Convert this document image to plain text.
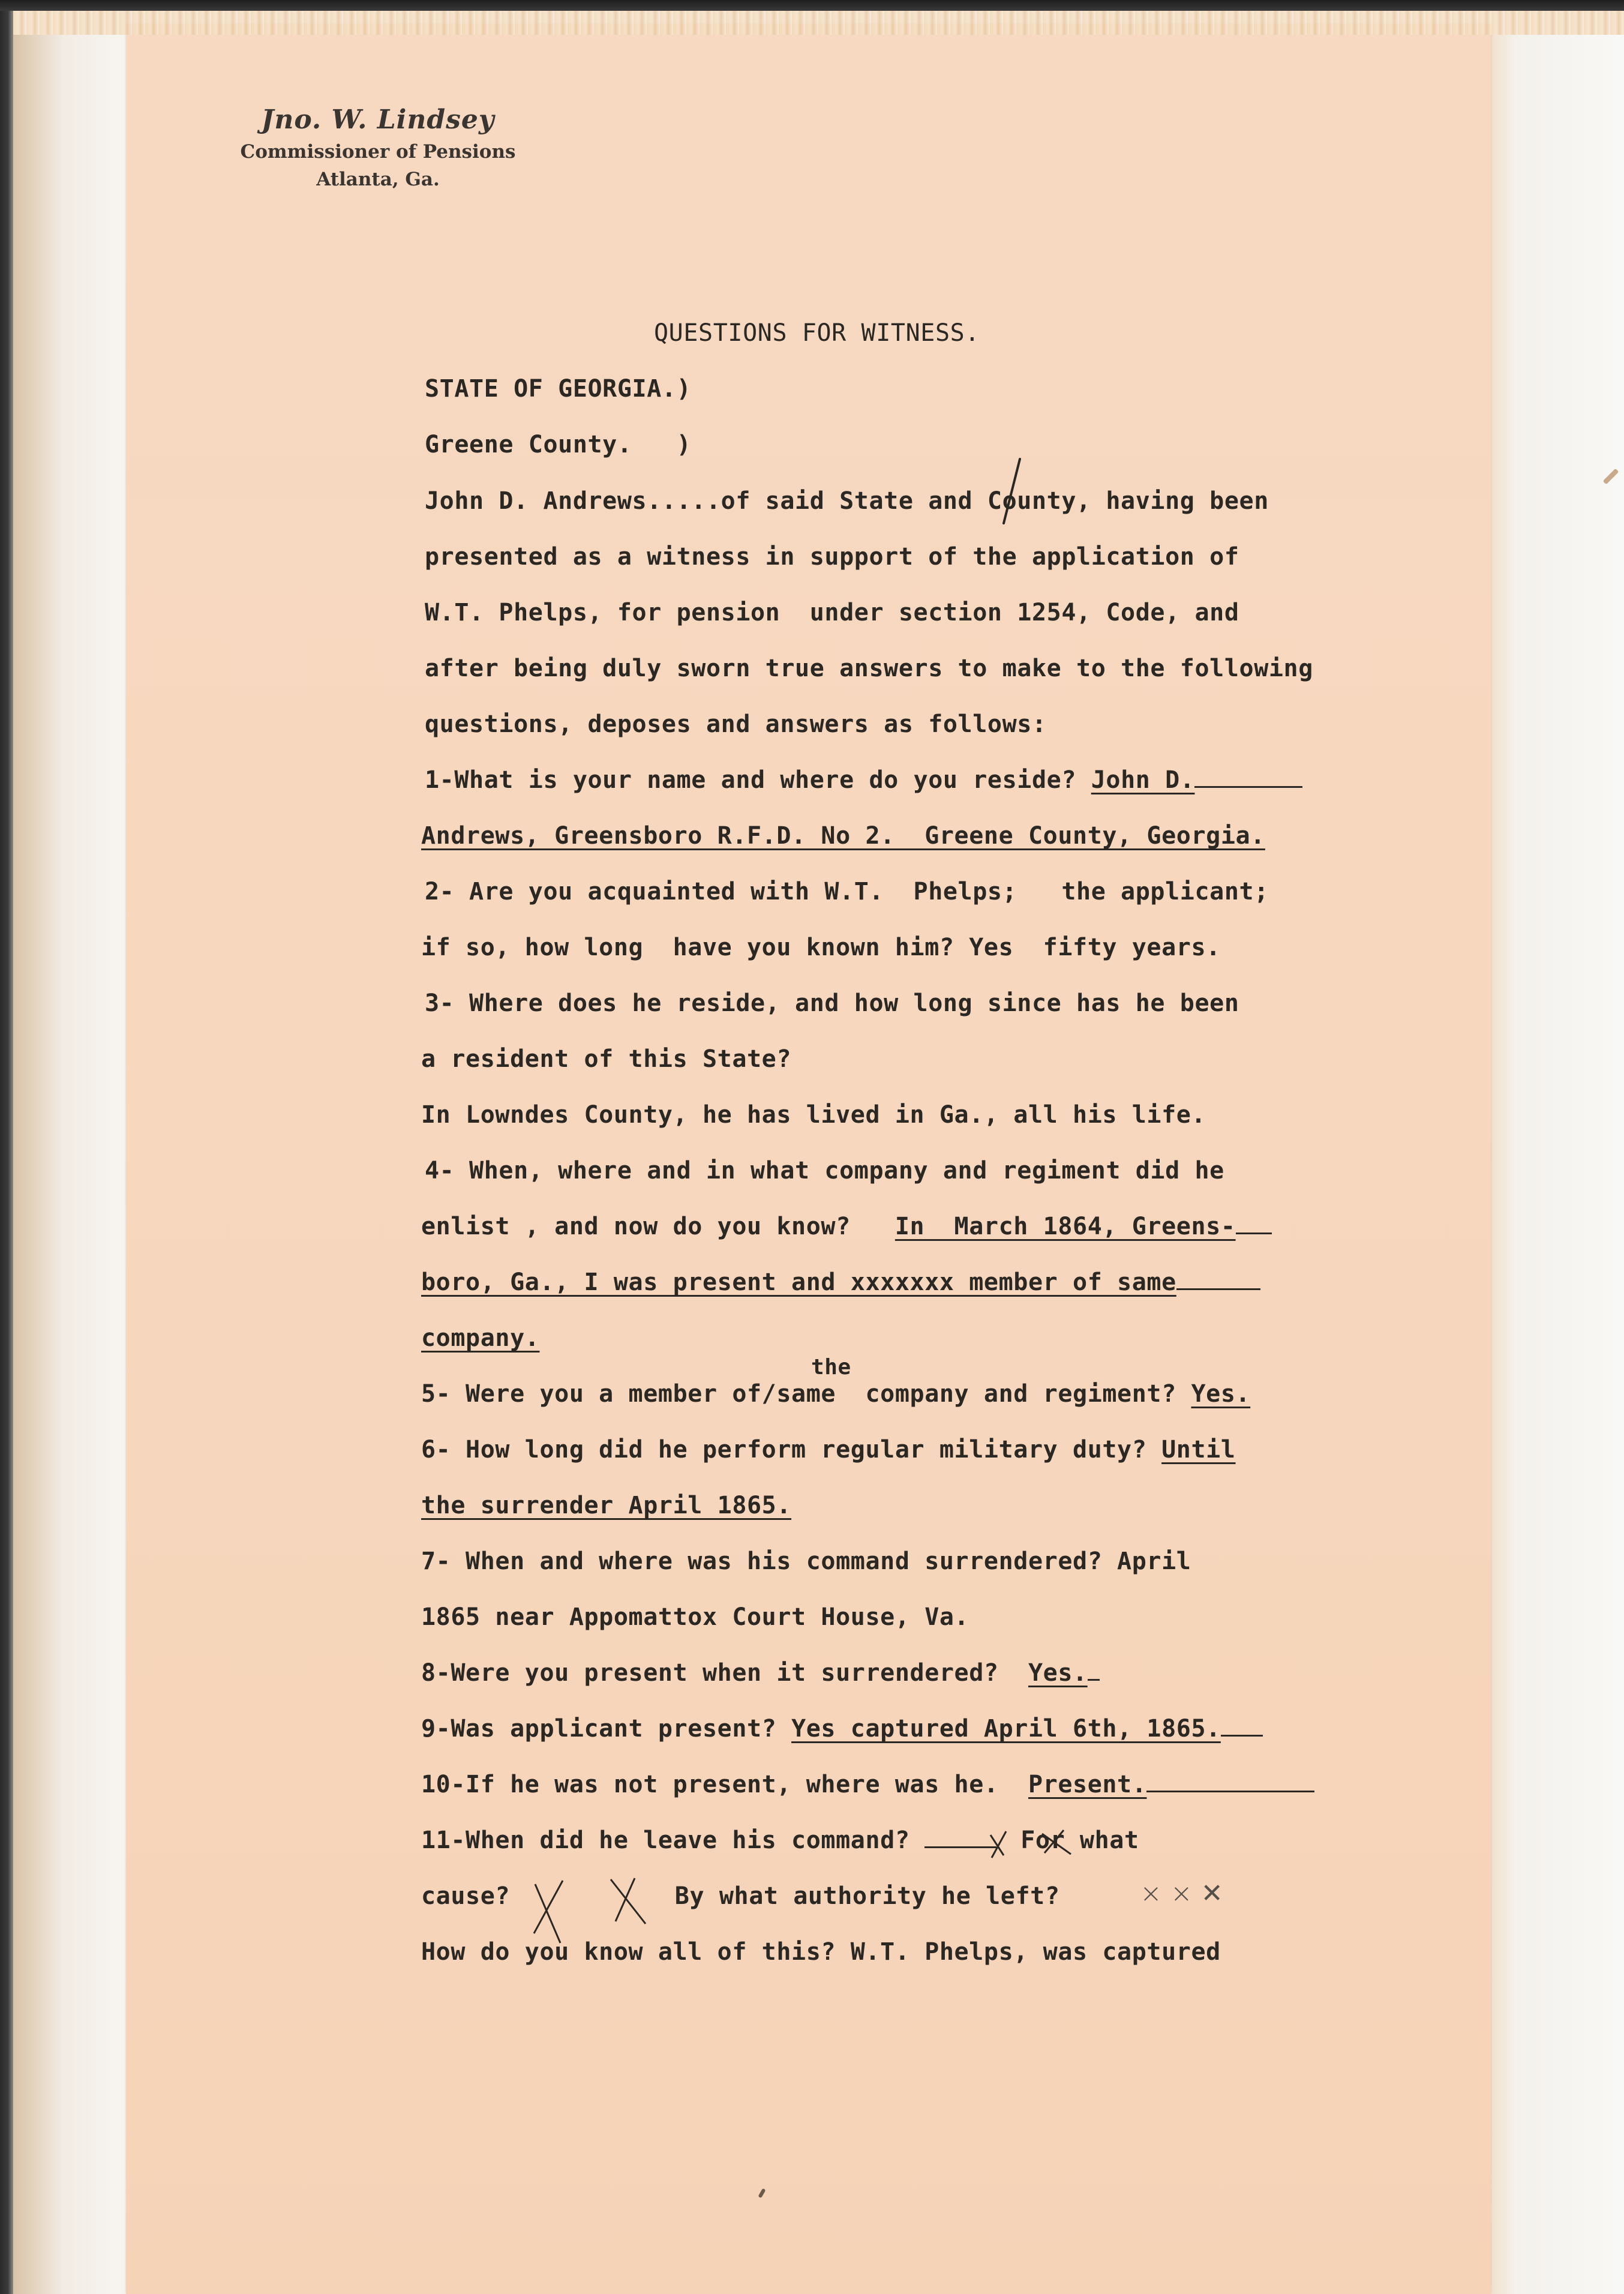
Jno. W. Lindsey
Commissioner of Pensions
Atlanta, Ga.
QUESTIONS FOR WITNESS.
STATE OF GEORGIA.)
Greene County.   )
John D. Andrews.....of said State and County, having been
presented as a witness in support of the application of
W.T. Phelps, for pension  under section 1254, Code, and
after being duly sworn true answers to make to the following
questions, deposes and answers as follows:
1-What is your name and where do you reside? John D.
Andrews, Greensboro R.F.D. No 2.  Greene County, Georgia.
2- Are you acquainted with W.T.  Phelps;   the applicant;
if so, how long  have you known him? Yes  fifty years.
3- Where does he reside, and how long since has he been
a resident of this State?
In Lowndes County, he has lived in Ga., all his life.
4- When, where and in what company and regiment did he
enlist , and now do you know?   In  March 1864, Greens-
boro, Ga., I was present and xxxxxxx member of same
company.
the
5- Were you a member of/same  company and regiment? Yes.
6- How long did he perform regular military duty? Until
the surrender April 1865.
7- When and where was his command surrendered? April
1865 near Appomattox Court House, Va.
8-Were you present when it surrendered?  Yes.
9-Was applicant present? Yes captured April 6th, 1865.
10-If he was not present, where was he.  Present.
11-When did he leave his command?	For what
cause?	By what authority he left? × × ✕
How do you know all of this? W.T. Phelps, was captured
